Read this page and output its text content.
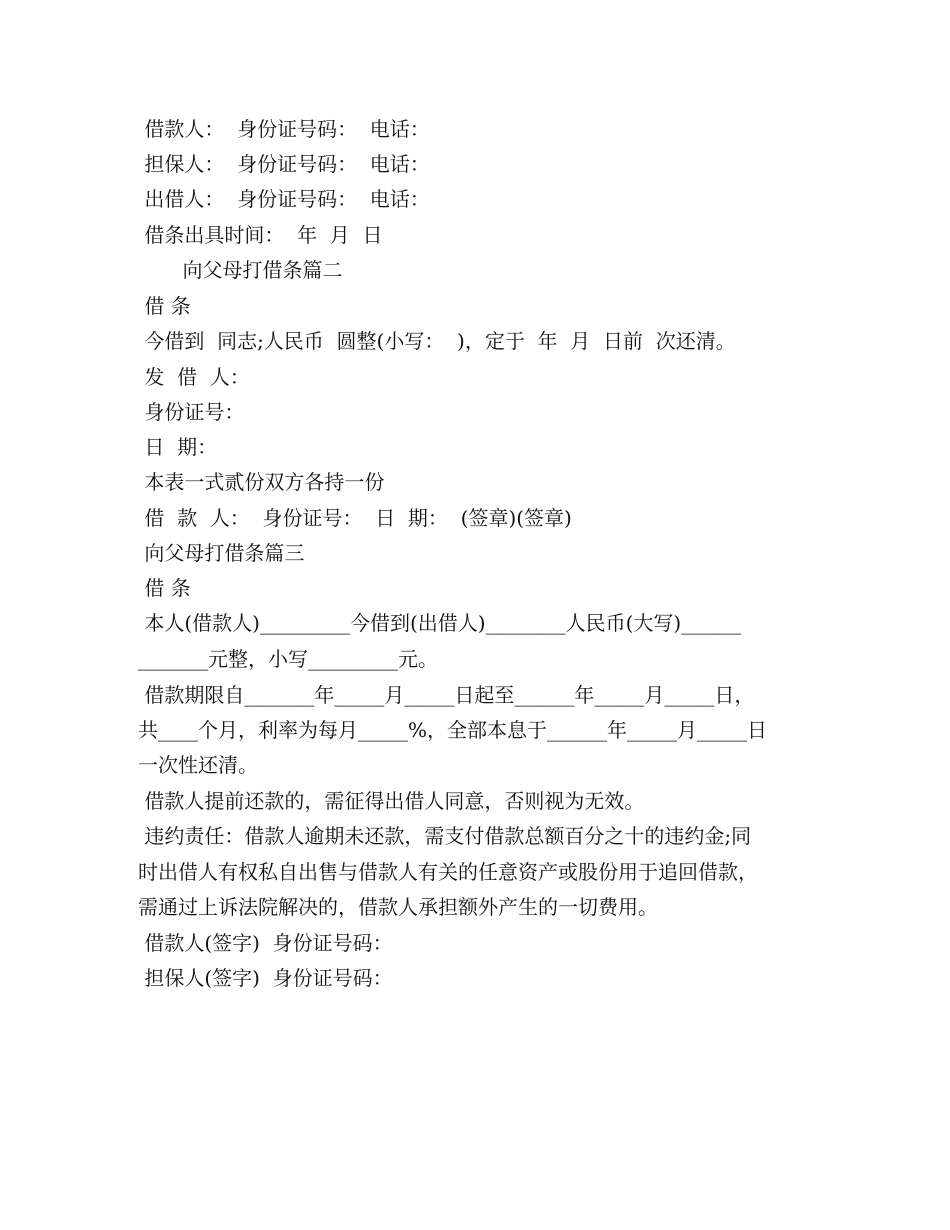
借款人：  身份证号码：  电话：
担保人：  身份证号码：  电话：
出借人：  身份证号码：  电话：
借条出具时间：  年  月  日
向父母打借条篇二
借 条
今借到  同志;人民币  圆整(小写：  )，定于  年  月  日前  次还清。
发  借  人：
身份证号：
日  期：
本表一式贰份双方各持一份
借  款  人：  身份证号：  日  期：  (签章)(签章)
向父母打借条篇三
借 条
本人(借款人)_________今借到(出借人)________人民币(大写)______
_______元整，小写_________元。
借款期限自_______年_____月_____日起至______年_____月_____日，
共____个月，利率为每月_____%，全部本息于______年_____月_____日
一次性还清。
借款人提前还款的，需征得出借人同意，否则视为无效。
违约责任：借款人逾期未还款，需支付借款总额百分之十的违约金;同
时出借人有权私自出售与借款人有关的任意资产或股份用于追回借款，
需通过上诉法院解决的，借款人承担额外产生的一切费用。
借款人(签字)  身份证号码：
担保人(签字)  身份证号码：
